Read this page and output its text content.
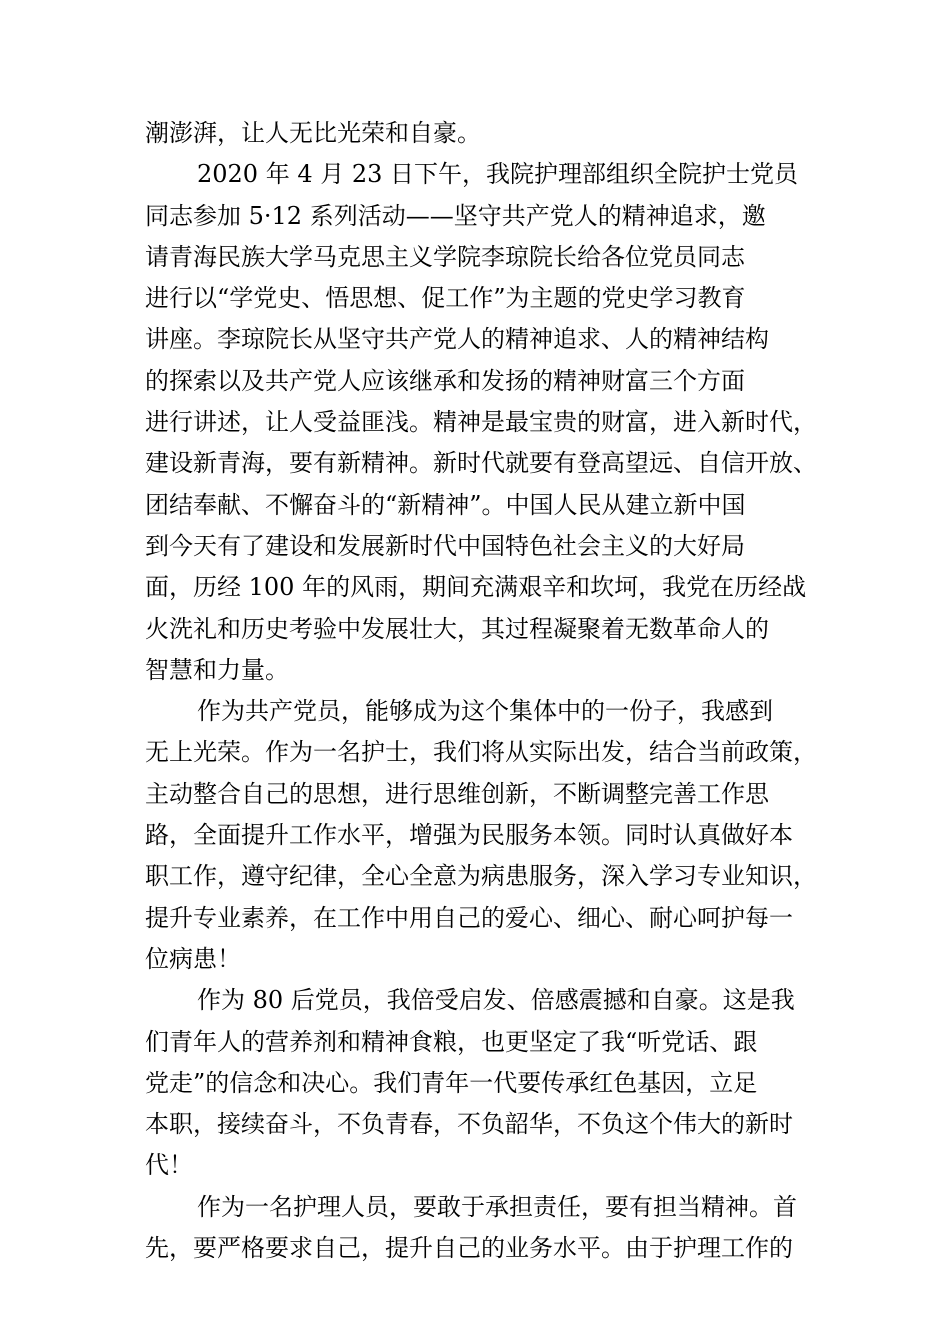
潮澎湃，让人无比光荣和自豪。
2020 年 4 月 23 日下午，我院护理部组织全院护士党员
同志参加 5·12 系列活动——坚守共产党人的精神追求，邀
请青海民族大学马克思主义学院李琼院长给各位党员同志
进行以“学党史、悟思想、促工作”为主题的党史学习教育
讲座。李琼院长从坚守共产党人的精神追求、人的精神结构
的探索以及共产党人应该继承和发扬的精神财富三个方面
进行讲述，让人受益匪浅。精神是最宝贵的财富，进入新时代，
建设新青海，要有新精神。新时代就要有登高望远、自信开放、
团结奉献、不懈奋斗的“新精神”。中国人民从建立新中国
到今天有了建设和发展新时代中国特色社会主义的大好局
面，历经 100 年的风雨，期间充满艰辛和坎坷，我党在历经战
火洗礼和历史考验中发展壮大，其过程凝聚着无数革命人的
智慧和力量。
作为共产党员，能够成为这个集体中的一份子，我感到
无上光荣。作为一名护士，我们将从实际出发，结合当前政策，
主动整合自己的思想，进行思维创新，不断调整完善工作思
路，全面提升工作水平，增强为民服务本领。同时认真做好本
职工作，遵守纪律，全心全意为病患服务，深入学习专业知识，
提升专业素养，在工作中用自己的爱心、细心、耐心呵护每一
位病患！
作为 80 后党员，我倍受启发、倍感震撼和自豪。这是我
们青年人的营养剂和精神食粮，也更坚定了我“听党话、跟
党走”的信念和决心。我们青年一代要传承红色基因，立足
本职，接续奋斗，不负青春，不负韶华，不负这个伟大的新时
代！
作为一名护理人员，要敢于承担责任，要有担当精神。首
先，要严格要求自己，提升自己的业务水平。由于护理工作的
